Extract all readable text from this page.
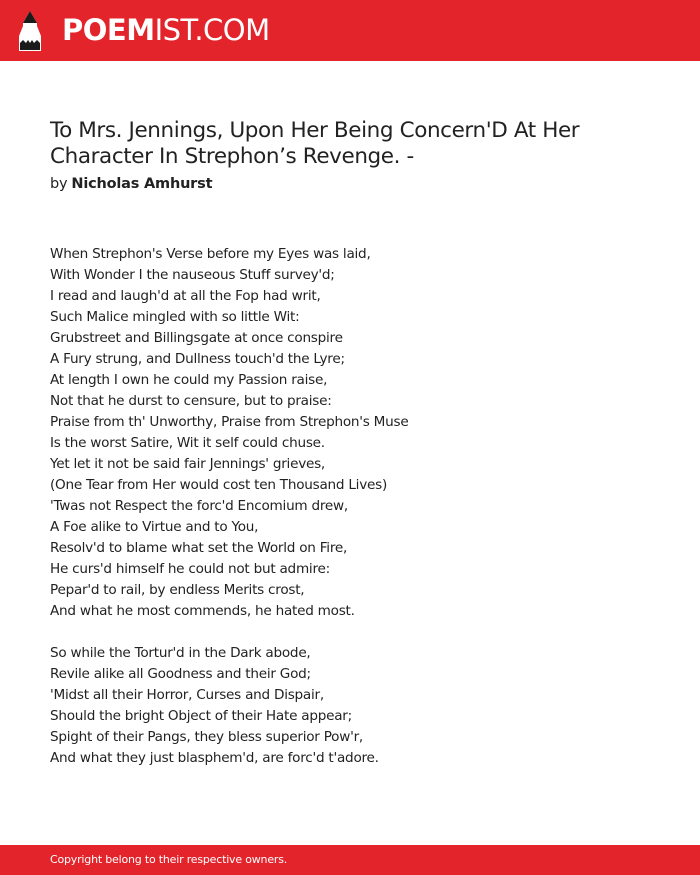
POEMIST.COM
To Mrs. Jennings, Upon Her Being Concern'D At Her Character In Strephon’s Revenge. -
by Nicholas Amhurst
When Strephon's Verse before my Eyes was laid,
With Wonder I the nauseous Stuff survey'd;
I read and laugh'd at all the Fop had writ,
Such Malice mingled with so little Wit:
Grubstreet and Billingsgate at once conspire
A Fury strung, and Dullness touch'd the Lyre;
At length I own he could my Passion raise,
Not that he durst to censure, but to praise:
Praise from th' Unworthy, Praise from Strephon's Muse
Is the worst Satire, Wit it self could chuse.
Yet let it not be said fair Jennings' grieves,
(One Tear from Her would cost ten Thousand Lives)
'Twas not Respect the forc'd Encomium drew,
A Foe alike to Virtue and to You,
Resolv'd to blame what set the World on Fire,
He curs'd himself he could not but admire:
Pepar'd to rail, by endless Merits crost,
And what he most commends, he hated most.
So while the Tortur'd in the Dark abode,
Revile alike all Goodness and their God;
'Midst all their Horror, Curses and Dispair,
Should the bright Object of their Hate appear;
Spight of their Pangs, they bless superior Pow'r,
And what they just blasphem'd, are forc'd t'adore.
Copyright belong to their respective owners.
